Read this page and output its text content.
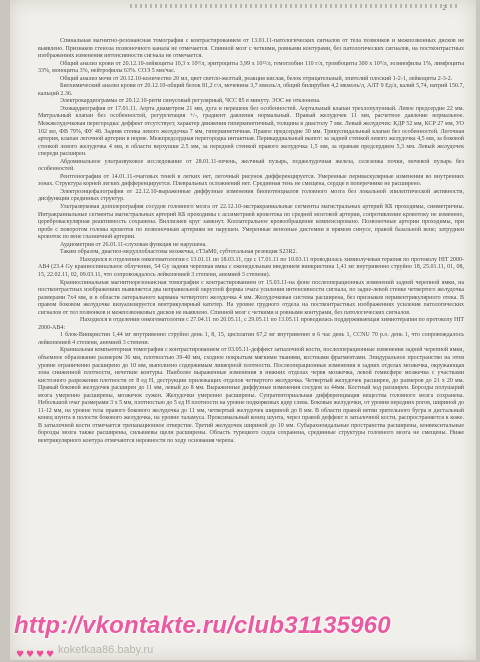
2

Спинальная магнитно-резонансная томография с контрастированием от 13.01.11-патологических сигналов от тела позвонков и межпозвонных дисков не выявлено. Признаков стеноза позвоночного канала не отмечается. Спинной мозг с четкими, ровными контурами, без патологических сигналов, на постконтрастных изображениях изменения интенсивности сигнала не отмечается.

Общий анализ крови от 20.12.10-лейкоциты 10,3 x 10⁹/л, эритроциты 3,99 x 10¹²/л, гемоглобин 110 г/л, тромбоциты 300 x 10⁹/л, эозинофилы 1%, лимфоциты 33%, моноциты 3%, нейтрофилы 63%. СОЭ 5 мм/час.

Общий анализ мочи от 20.12.10-количество 20 мл, цвет светло-желтый, реакция кислая, белок отрицательный, эпителий плоский 1-2-1, лейкоциты 2-3-2.

Биохимический анализ крови от 20.12.10-общий белок 81,2 г/л, мочевина 3,7 ммоль/л, общий билирубин 4,2 мкмоль/л, АЛТ 9 Ед/л, калий 5,74, натрий 150.7, кальций 2.36.

Электрокардиограмма от 20.12.10-ритм синусовый регулярный, ЧСС 85 в минуту. ЭОС не отклонена.

Эхокардиография от 17.01.11. Аорта диаметром 21 мм, дуга и перешеек без особенностей. Аортальный клапан трехлопулунный. Левое предсердие 22 мм. Митральный клапан без особенностей, регургитация +/-, градиент давления нормальный. Правый желудочек 11 мм, расчетное давление нормальное. Межжелудочковая перегородка: деффект отсутствует, характер движения гиперкинетичный, толщина в диастолу 7 мм. Левый желудочек: КДР 52 мм, КСР 27 мм, УО 102 мл, ФВ 79%, ФУ 48. Задняя стенка левого желудочка 7 мм, гиперкинетичная. Правое предсердие 30 мм. Трикуспидальный клапан без особенностей. Легочная артерия, клапан легочной артерии в норме. Межпредсердная перегородка интактная. Перикардиальный выпот: за задней стенкой левого желудочка 4,5 мм, за боковой стенкой левого желудочка 4 мм, в области верхушки 2.5 мм, за передней стенкой правого желудочка 1,5 мм, за правым предсердием 5,3 мм. Левый желудочек спереди расширен.

Абдоминальное ультразвуковое исследование от 28.01.11-печень, желчный пузырь, поджелудочная железа, селезенка почки, мочевой пузырь без особенностей.

Рентгенография от 14.01.11-очаговых теней в легких нет, легочный рисунок дифференцируется. Умеренные периваскулярные изменения во внутренних зонах. Структура корней легких дифференцируется. Плевральных осложнений нет. Срединная тень не смещена, сердце в поперечнике не расширено.

Электроэнцефалография от 22.12.10-выраженные диффузные изменения биопотенциалов головного мозга без локальной эпилептической активности, дисфункции срединных структур.

Ультразвуковая допплерография сосудов головного мозга от 22.12.10-экстракраниальные сегменты магистральных артерий КБ проходимы, симметричны. Интракраниальные сегменты магистральных артерий КБ проходимы с ассиметрией кровотока по средней мозговой артерии, сопротивление кровотоку не изменено, цереброваскулярная реактивность сохранена. Виллизиев круг замкнут. Коллатеральное кровообращение компенсировано. Позвоночные артерии проходимы, при пробе с поворотом головы кровоток по позвоночным артериям не нарушен. Умеренные венозные дисгемии в прямом синусе, правой базальной вене; затруднен кровоток по вене глазничной артерии.

Аудиометрия от 26.01.11-слуховая функция не нарушена.

Таким образом, диагноз-медуллобластома мозжечка, cT3aM0, субтотальная резекция S23R2.

Находился в отделении онкогематологии с 13.01.11 по 18.03.11, где с 17.01.11 по 10.03.11 проводилась химиолучевая терапия по протоколу HIT 2000-AB4 (23.4 Gy краниоспинальное облучение, 54 Gy задняя черепная ямка с еженедельным введением винкристина 1,41 мг внутривенно струйно 18, 25.01.11, 01, 08, 15, 22.02.11, 02, 09.03.11, что сопровождалось лейкопенией 3 степени, анемией 3 степени).

Краниоспинальная магнитнорезонансная томография с контрастированием от 15.03.11-на фоне послеоперационных изменений задней черепной ямки, на постконтрастных изображениях выявляется два неправильной округлой формы очага усиления интенсивности сигнала, по заднe-левой стенке четвертого желудочка размерами 7х4 мм, и в области латерального кармана четвертого желудочка 4 мм. Желудочковая система расширена, без признаков перивентрикулярного отека. В правом боковом желудочке визуализируется вентрикулярный катетер. На уровне грудного отдела на постконтрастных изображениях усиления патологических сигналов от тел позвонков и межпозвонковых дисков не выявлено. Спинной мозг с четкими и ровными контурами, без патологических сигналов.

Находился в отделении онкогематологии с 27.04.11 по 20.05.11, с 29.05.11 по 13.05.11 проводилась поддерживающая химиотерапия по протоколу HIT 2000-AB4:

1 блок-Винкристин 1,44 мг внутривенно струйно день 1, 8, 15, цисплатин 67,2 мг внутривенно в 6 час день 1, CCNU 70 р.о. день 1, что сопровождалось лейкопенией 4 степени, анемией 3 степени.

Краниальная компьютерная томография с контрастированием от 03.05.11-деффект затылочной кости, послеоперационные изменения задней черепной ямки, объемное образование размером 36 мм, плотностью 39-40 мм, сходное покрытым мягкими тканями, костными фрагментами. Эпидуральное пространство на этом уровне ограниченно расширено до 10 мм, выполнено содержимым ликворной плотности. Послеоперационные изменения в задних отделах мозжечка, окружающая зона сниженной плотности, нечеткие контуры. Наиболее выраженные изменения в нижних отделах червя мозжечка, левой гемисфере мозжечка с участками кистозного разрежения плотности от 8 ед Н, деструкции прилежащих отделов четвертого желудочка. Четвертый желудочек расширен, до размеров до 21 х 20 мм. Правый боковой желудочек расширен до 11 мм, левый до 8 мм. Выраженные диффузные изменения сосудов за 44мм. Костный ход расширен. Борозды полушарий мозга умеренно расширены, мозжечок сужен. Желудочки умеренно расширены. Супратенториальная дифференциация вещества головного мозга сохранена. Небольшой очаг размерами 3 х 5 мм, плотностью до 5 ед Н плотности на уровне подкорковых ядер слева. Боковые желудочки, от уровня передних рогов, шириной до 11-12 мм, на уровне тела правого бокового желудочка до 11 мм, четвертый желудочек шириной до 8 мм. В области правой ветви зрительного бугра и дистальный конец шунта в полости бокового желудочка, на уровне таламуса. Проксимальный конец шунта, через правой деффект в затылочной кости, распространяется к коже. В затылочной кости отмечается трепанационное отверстие. Третий желудочек шириной до 10 мм. Субарахноидальные пространства расширены, конвекситальные борозды мозга также расширены, сильвиевы щели расширены. Область турецкого седла сохранена, срединные структуры головного мозга не смещены. Ниже вентрикулярного контура отмечаются неровности по ходу основания черепа.

http://vkontakte.ru/club31135960
♥ ♥ ♥ ♥ koketkaa86.baby.ru
